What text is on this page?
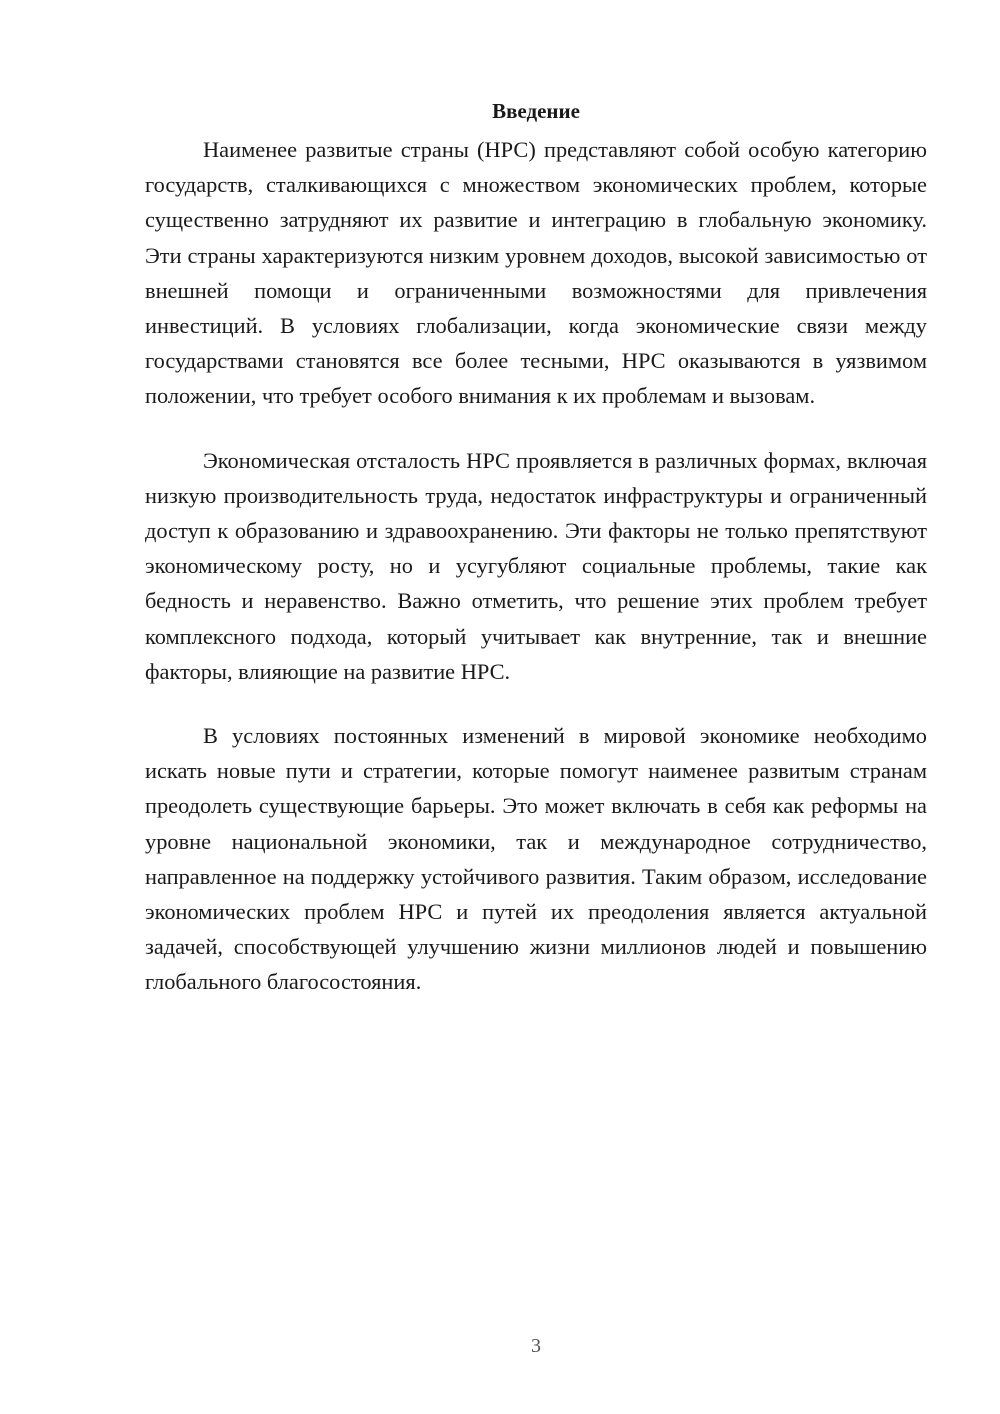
Введение

Наименее развитые страны (НРС) представляют собой особую категорию государств, сталкивающихся с множеством экономических проблем, которые существенно затрудняют их развитие и интеграцию в глобальную экономику. Эти страны характеризуются низким уровнем доходов, высокой зависимостью от внешней помощи и ограниченными возможностями для привлечения инвестиций. В условиях глобализации, когда экономические связи между государствами становятся все более тесными, НРС оказываются в уязвимом положении, что требует особого внимания к их проблемам и вызовам.

Экономическая отсталость НРС проявляется в различных формах, включая низкую производительность труда, недостаток инфраструктуры и ограниченный доступ к образованию и здравоохранению. Эти факторы не только препятствуют экономическому росту, но и усугубляют социальные проблемы, такие как бедность и неравенство. Важно отметить, что решение этих проблем требует комплексного подхода, который учитывает как внутренние, так и внешние факторы, влияющие на развитие НРС.

В условиях постоянных изменений в мировой экономике необходимо искать новые пути и стратегии, которые помогут наименее развитым странам преодолеть существующие барьеры. Это может включать в себя как реформы на уровне национальной экономики, так и международное сотрудничество, направленное на поддержку устойчивого развития. Таким образом, исследование экономических проблем НРС и путей их преодоления является актуальной задачей, способствующей улучшению жизни миллионов людей и повышению глобального благосостояния.

3
